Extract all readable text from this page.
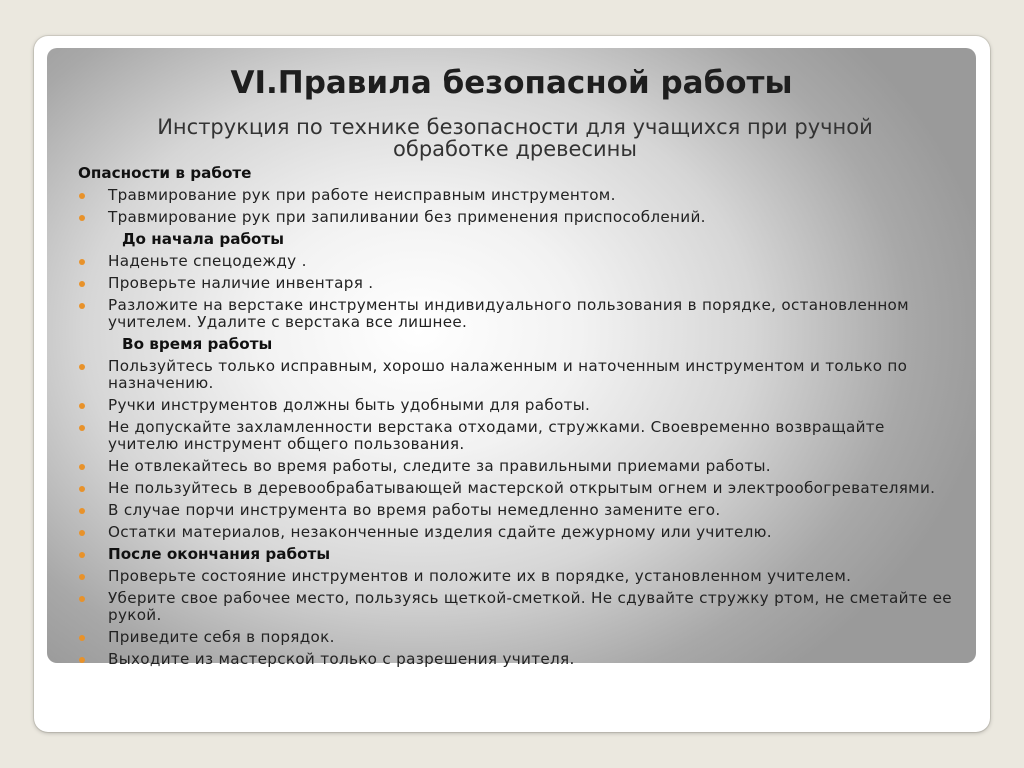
VI.Правила безопасной работы

Инструкция по технике безопасности для учащихся при ручной обработке древесины

Опасности в работе
Травмирование рук при работе неисправным инструментом.
Травмирование рук при запиливании без применения приспособлений.
До начала работы
Наденьте спецодежду .
Проверьте наличие инвентаря .
Разложите на верстаке инструменты индивидуального пользования в порядке, остановленном учителем. Удалите с верстака все лишнее.
Во время работы
Пользуйтесь только исправным, хорошо налаженным и наточенным инструментом и только по назначению.
Ручки инструментов должны быть удобными для работы.
Не допускайте захламленности верстака отходами, стружками. Своевременно возвращайте учителю инструмент общего пользования.
Не отвлекайтесь во время работы, следите за правильными приемами работы.
Не пользуйтесь в деревообрабатывающей мастерской открытым огнем и электрообогревателями.
В случае порчи инструмента во время работы немедленно замените его.
Остатки материалов, незаконченные изделия сдайте дежурному или учителю.
После окончания работы
Проверьте состояние инструментов и положите их в порядке, установленном учителем.
Уберите свое рабочее место, пользуясь щеткой-сметкой. Не сдувайте стружку ртом, не сметайте ее рукой.
Приведите себя в порядок.
Выходите из мастерской только с разрешения учителя.
